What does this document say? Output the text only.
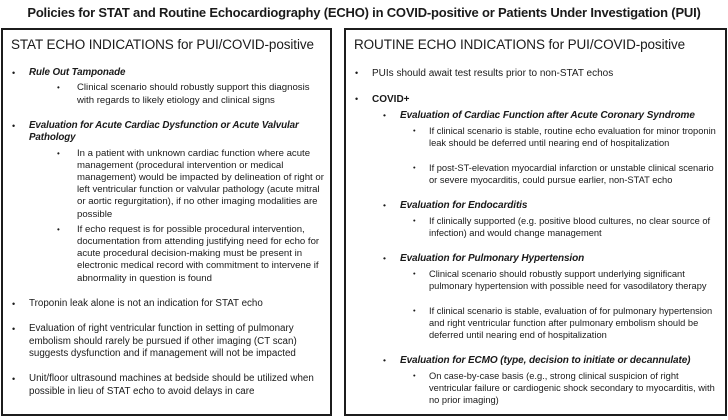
Policies for STAT and Routine Echocardiography (ECHO) in COVID-positive or Patients Under Investigation (PUI)
STAT ECHO INDICATIONS for PUI/COVID-positive
•	Rule Out Tamponade
•	Clinical scenario should robustly support this diagnosis with regards to likely etiology and clinical signs
•	Evaluation for Acute Cardiac Dysfunction or Acute Valvular Pathology
•	In a patient with unknown cardiac function where acute management (procedural intervention or medical management) would be impacted by delineation of right or left ventricular function or valvular pathology (acute mitral or aortic regurgitation), if no other imaging modalities are possible
•	If echo request is for possible procedural intervention, documentation from attending justifying need for echo for acute procedural decision-making must be present in electronic medical record with commitment to intervene if abnormality in question is found
•	Troponin leak alone is not an indication for STAT echo
•	Evaluation of right ventricular function in setting of pulmonary embolism should rarely be pursued if other imaging (CT scan) suggests dysfunction and if management will not be impacted
•	Unit/floor ultrasound machines at bedside should be utilized when possible in lieu of STAT echo to avoid delays in care
ROUTINE ECHO INDICATIONS for PUI/COVID-positive
•	PUIs should await test results prior to non-STAT echos
•	COVID+
•	Evaluation of Cardiac Function after Acute Coronary Syndrome
•	If clinical scenario is stable, routine echo evaluation for minor troponin leak should be deferred until nearing end of hospitalization
•	If post-ST-elevation myocardial infarction or unstable clinical scenario or severe myocarditis, could pursue earlier, non-STAT echo
•	Evaluation for Endocarditis
•	If clinically supported (e.g. positive blood cultures, no clear source of infection) and would change management
•	Evaluation for Pulmonary Hypertension
•	Clinical scenario should robustly support underlying significant pulmonary hypertension with possible need for vasodilatory therapy
•	If clinical scenario is stable, evaluation of for pulmonary hypertension and right ventricular function after pulmonary embolism should be deferred until nearing end of hospitalization
•	Evaluation for ECMO (type, decision to initiate or decannulate)
•	On case-by-case basis (e.g., strong clinical suspicion of right ventricular failure or cardiogenic shock secondary to myocarditis, with no prior imaging)
